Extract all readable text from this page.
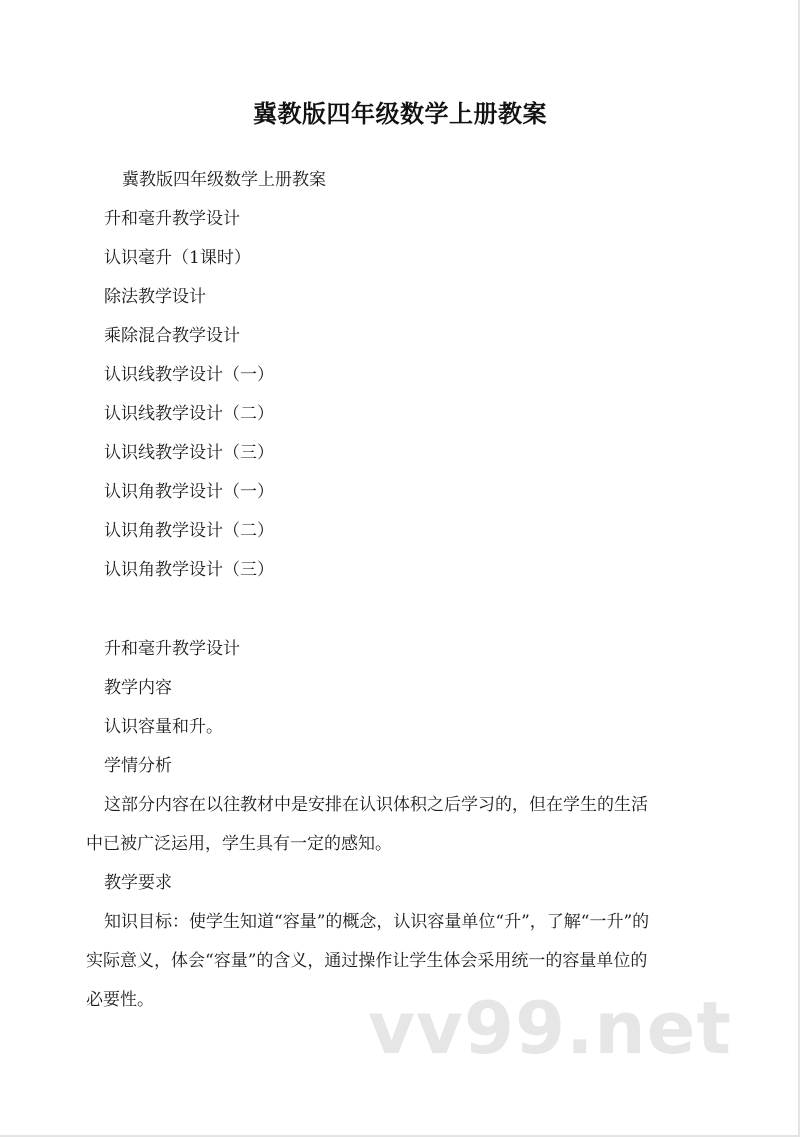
冀教版四年级数学上册教案
冀教版四年级数学上册教案
升和毫升教学设计
认识毫升（1课时）
除法教学设计
乘除混合教学设计
认识线教学设计（一）
认识线教学设计（二）
认识线教学设计（三）
认识角教学设计（一）
认识角教学设计（二）
认识角教学设计（三）
升和毫升教学设计
教学内容
认识容量和升。
学情分析
这部分内容在以往教材中是安排在认识体积之后学习的，但在学生的生活
中已被广泛运用，学生具有一定的感知。
教学要求
知识目标：使学生知道“容量”的概念，认识容量单位“升”，了解“一升”的
实际意义，体会“容量”的含义，通过操作让学生体会采用统一的容量单位的
必要性。	vv99.net
